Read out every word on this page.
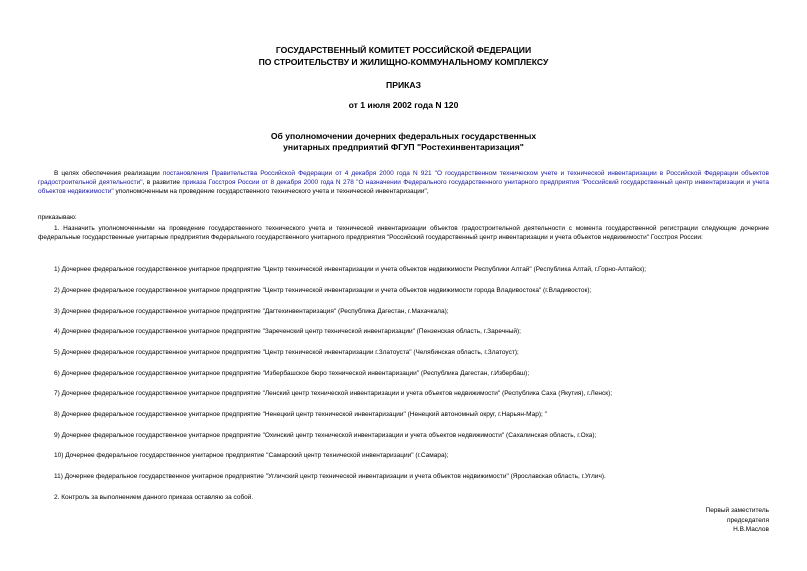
ГОСУДАРСТВЕННЫЙ КОМИТЕТ РОССИЙСКОЙ ФЕДЕРАЦИИ
ПО СТРОИТЕЛЬСТВУ И ЖИЛИЩНО-КОММУНАЛЬНОМУ КОМПЛЕКСУ
ПРИКАЗ
от 1 июля 2002 года N 120
Об уполномочении дочерних федеральных государственных
унитарных предприятий ФГУП "Ростехинвентаризация"
В целях обеспечения реализации постановления Правительства Российской Федерации от 4 декабря 2000 года N 921 "О государственном техническом учете и технической инвентаризации в Российской Федерации объектов градостроительной деятельности", в развитие приказа Госстроя России от 8 декабря 2000 года N 278 "О назначении Федерального государственного унитарного предприятия "Российский государственный центр инвентаризации и учета объектов недвижимости" уполномоченным на проведение государственного технического учета и технической инвентаризации",
приказываю:
1. Назначить уполномоченными на проведение государственного технического учета и технической инвентаризации объектов градостроительной деятельности с момента государственной регистрации следующие дочерние федеральные государственные унитарные предприятия Федерального государственного унитарного предприятия "Российский государственный центр инвентаризации и учета объектов недвижимости" Госстроя России:
1) Дочернее федеральное государственное унитарное предприятие "Центр технической инвентаризации и учета объектов недвижимости Республики Алтай" (Республика Алтай, г.Горно-Алтайск);
2) Дочернее федеральное государственное унитарное предприятие "Центр технической инвентаризации и учета объектов недвижимости города Владивостока" (г.Владивосток);
3) Дочернее федеральное государственное унитарное предприятие "Дагтехинвентаризация" (Республика Дагестан, г.Махачкала);
4) Дочернее федеральное государственное унитарное предприятие "Зареченский центр технической инвентаризации" (Пензенская область, г.Заречный);
5) Дочернее федеральное государственное унитарное предприятие "Центр технической инвентаризации г.Златоуста" (Челябинская область, г.Златоуст);
6) Дочернее федеральное государственное унитарное предприятие "Избербашское бюро технической инвентаризации" (Республика Дагестан, г.Избербаш);
7) Дочернее федеральное государственное унитарное предприятие "Ленский центр технической инвентаризации и учета объектов недвижимости" (Республика Саха (Якутия), г.Ленск);
8) Дочернее федеральное государственное унитарное предприятие "Ненецкий центр технической инвентаризации" (Ненецкий автономный округ, г.Нарьян-Мар); "
9) Дочернее федеральное государственное унитарное предприятие "Охинский центр технической инвентаризации и учета объектов недвижимости" (Сахалинская область, г.Оха);
10) Дочернее федеральное государственное унитарное предприятие "Самарский центр технической инвентаризации" (г.Самара);
11) Дочернее федеральное государственное унитарное предприятие "Угличский центр технической инвентаризации и учета объектов недвижимости" (Ярославская область, г.Углич).
2. Контроль за выполнением данного приказа оставляю за собой.
Первый заместитель
председателя
Н.В.Маслов
